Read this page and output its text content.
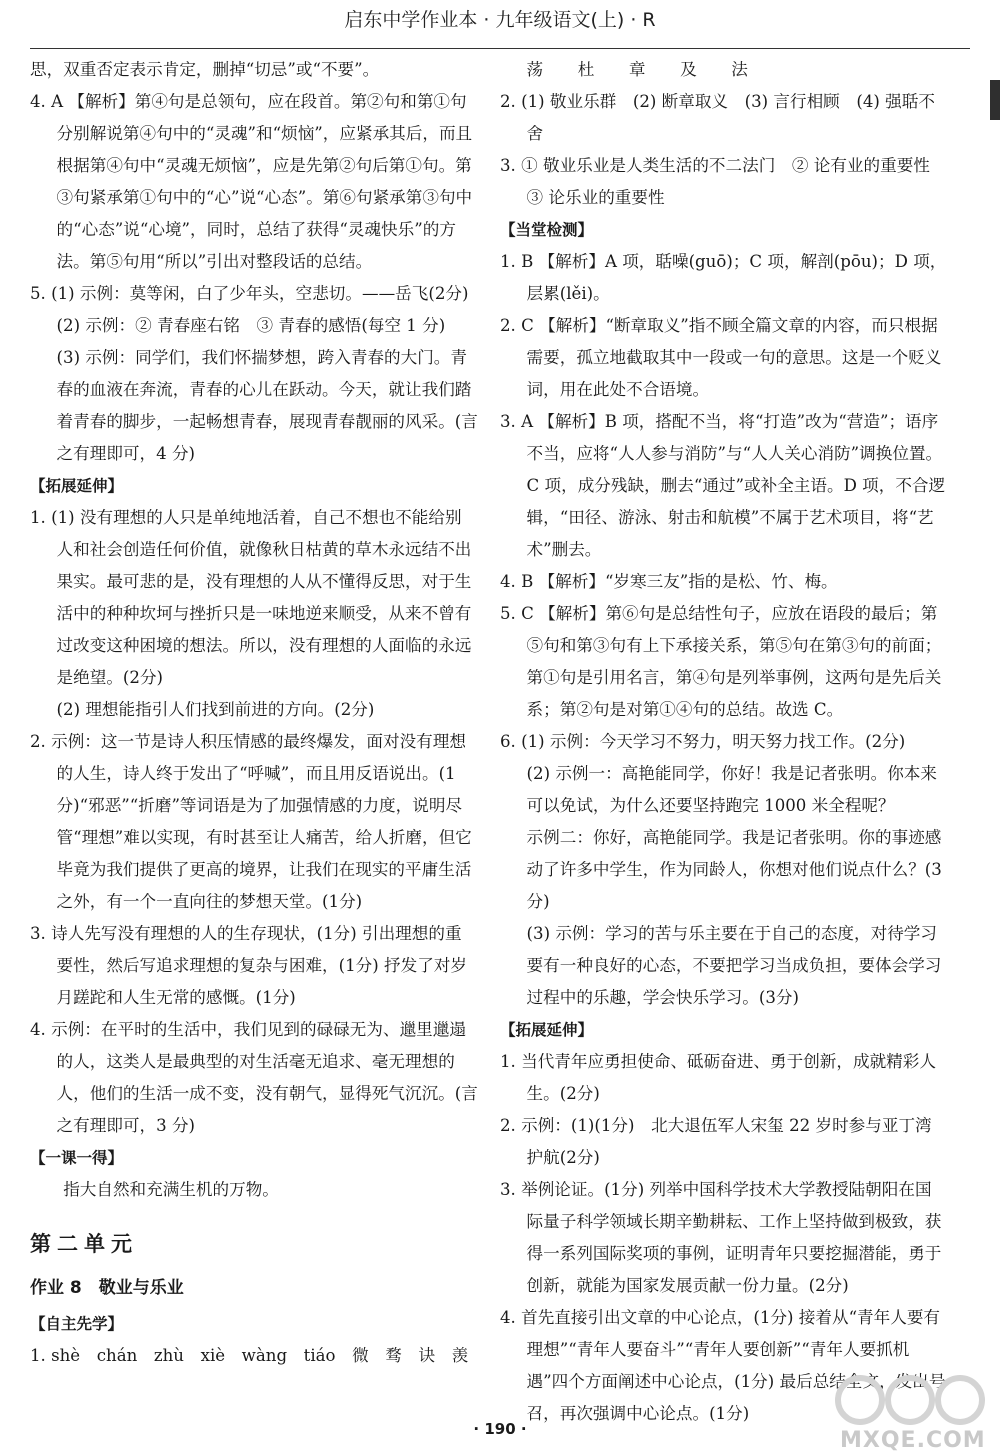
启东中学作业本 · 九年级语文(上) · R

思，双重否定表示肯定，删掉“切忌”或“不要”。

4. A 【解析】第④句是总领句，应在段首。第②句和第①句分别解说第④句中的“灵魂”和“烦恼”，应紧承其后，而且根据第④句中“灵魂无烦恼”，应是先第②句后第①句。第③句紧承第①句中的“心”说“心态”。第⑥句紧承第③句中的“心态”说“心境”，同时，总结了获得“灵魂快乐”的方法。第⑤句用“所以”引出对整段话的总结。

5. (1) 示例：莫等闲，白了少年头，空悲切。——岳飞(2分)

(2) 示例：② 青春座右铭　③ 青春的感悟(每空 1 分)

(3) 示例：同学们，我们怀揣梦想，跨入青春的大门。青春的血液在奔流，青春的心儿在跃动。今天，就让我们踏着青春的脚步，一起畅想青春，展现青春靓丽的风采。(言之有理即可，4 分)

【拓展延伸】

1. (1) 没有理想的人只是单纯地活着，自己不想也不能给别人和社会创造任何价值，就像秋日枯黄的草木永远结不出果实。最可悲的是，没有理想的人从不懂得反思，对于生活中的种种坎坷与挫折只是一味地逆来顺受，从来不曾有过改变这种困境的想法。所以，没有理想的人面临的永远是绝望。(2分)

(2) 理想能指引人们找到前进的方向。(2分)

2. 示例：这一节是诗人积压情感的最终爆发，面对没有理想的人生，诗人终于发出了“呼喊”，而且用反语说出。(1分)“邪恶”“折磨”等词语是为了加强情感的力度，说明尽管“理想”难以实现，有时甚至让人痛苦，给人折磨，但它毕竟为我们提供了更高的境界，让我们在现实的平庸生活之外，有一个一直向往的梦想天堂。(1分)

3. 诗人先写没有理想的人的生存现状，(1分) 引出理想的重要性，然后写追求理想的复杂与困难，(1分) 抒发了对岁月蹉跎和人生无常的感慨。(1分)

4. 示例：在平时的生活中，我们见到的碌碌无为、邋里邋遢的人，这类人是最典型的对生活毫无追求、毫无理想的人，他们的生活一成不变，没有朝气，显得死气沉沉。(言之有理即可，3 分)

【一课一得】

指大自然和充满生机的万物。

第二单元

作业 8　敬业与乐业

【自主先学】

1. shè　chán　zhù　xiè　wàng　tiáo　微　骛　诀　羡

荡　杜　章　及　法

2. (1) 敬业乐群　(2) 断章取义　(3) 言行相顾　(4) 强聒不舍

3. ① 敬业乐业是人类生活的不二法门　② 论有业的重要性　③ 论乐业的重要性

【当堂检测】

1. B 【解析】A 项，聒噪(guō)；C 项，解剖(pōu)；D 项，层累(lěi)。

2. C 【解析】“断章取义”指不顾全篇文章的内容，而只根据需要，孤立地截取其中一段或一句的意思。这是一个贬义词，用在此处不合语境。

3. A 【解析】B 项，搭配不当，将“打造”改为“营造”；语序不当，应将“人人参与消防”与“人人关心消防”调换位置。C 项，成分残缺，删去“通过”或补全主语。D 项，不合逻辑，“田径、游泳、射击和航模”不属于艺术项目，将“艺术”删去。

4. B 【解析】“岁寒三友”指的是松、竹、梅。

5. C 【解析】第⑥句是总结性句子，应放在语段的最后；第⑤句和第③句有上下承接关系，第⑤句在第③句的前面；第①句是引用名言，第④句是列举事例，这两句是先后关系；第②句是对第①④句的总结。故选 C。

6. (1) 示例：今天学习不努力，明天努力找工作。(2分)

(2) 示例一：高艳能同学，你好！我是记者张明。你本来可以免试，为什么还要坚持跑完 1000 米全程呢？

示例二：你好，高艳能同学。我是记者张明。你的事迹感动了许多中学生，作为同龄人，你想对他们说点什么？(3分)

(3) 示例：学习的苦与乐主要在于自己的态度，对待学习要有一种良好的心态，不要把学习当成负担，要体会学习过程中的乐趣，学会快乐学习。(3分)

【拓展延伸】

1. 当代青年应勇担使命、砥砺奋进、勇于创新，成就精彩人生。(2分)

2. 示例：(1)(1分)　北大退伍军人宋玺 22 岁时参与亚丁湾护航(2分)

3. 举例论证。(1分) 列举中国科学技术大学教授陆朝阳在国际量子科学领域长期辛勤耕耘、工作上坚持做到极致，获得一系列国际奖项的事例，证明青年只要挖掘潜能，勇于创新，就能为国家发展贡献一份力量。(2分)

4. 首先直接引出文章的中心论点，(1分) 接着从“青年人要有理想”“青年人要奋斗”“青年人要创新”“青年人要抓机遇”四个方面阐述中心论点，(1分) 最后总结全文，发出号召，再次强调中心论点。(1分)

· 190 ·	MXQE.COM
